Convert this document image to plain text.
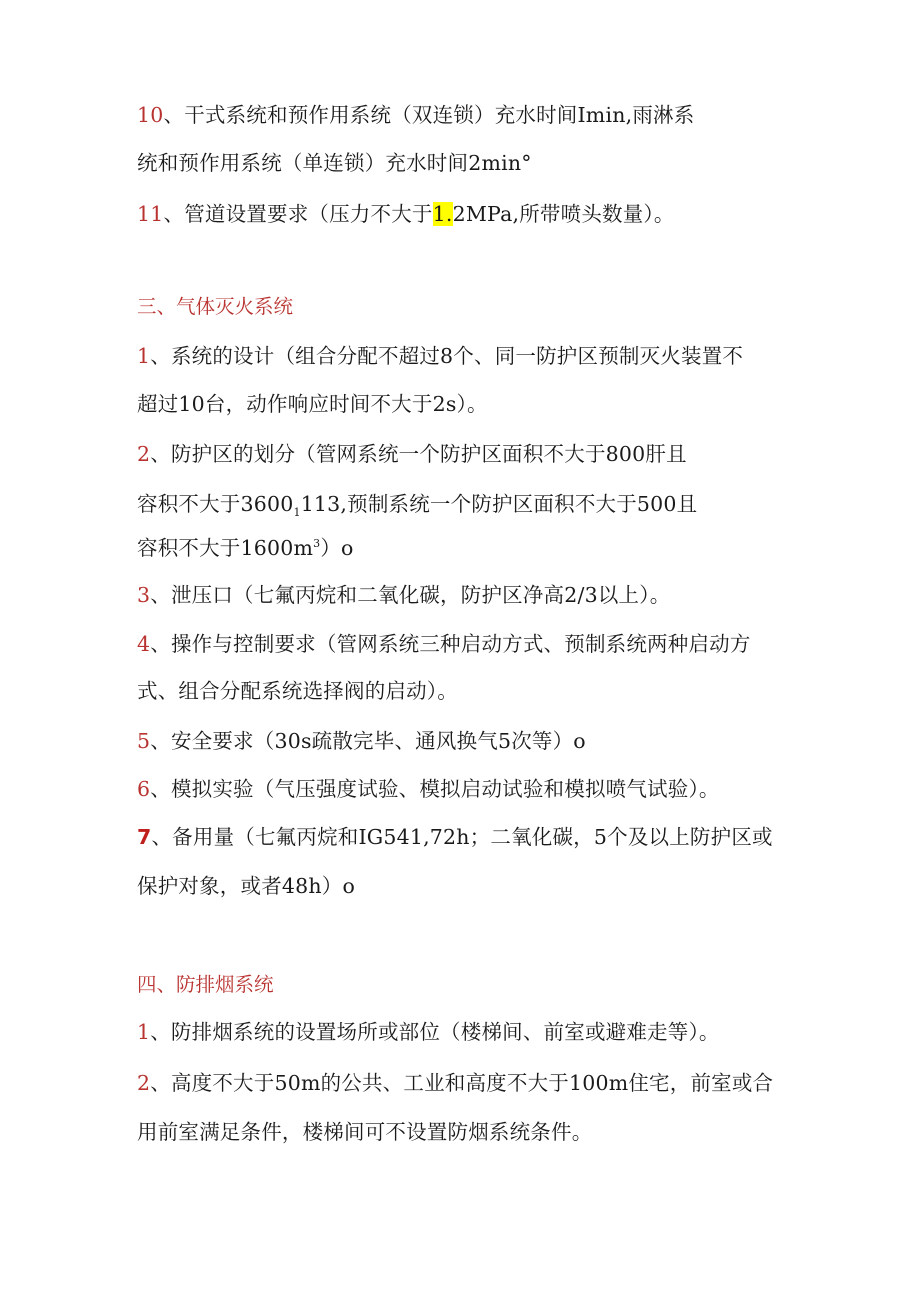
10、干式系统和预作用系统（双连锁）充水时间Imin,雨淋系
统和预作用系统（单连锁）充水时间2min°
11、管道设置要求（压力不大于1.2MPa,所带喷头数量）。
三、气体灭火系统
1、系统的设计（组合分配不超过8个、同一防护区预制灭火装置不
超过10台，动作响应时间不大于2s）。
2、防护区的划分（管网系统一个防护区面积不大于800肝且
容积不大于$3600_1113$,预制系统一个防护区面积不大于500且
容积不大于$1600m^3)o$
3、泄压口（七氟丙烷和二氧化碳，防护区净高2/3以上）。
4、操作与控制要求（管网系统三种启动方式、预制系统两种启动方
式、组合分配系统选择阀的启动）。
5、安全要求（30s疏散完毕、通风换气5次等）o
6、模拟实验（气压强度试验、模拟启动试验和模拟喷气试验）。
7、备用量（七氟丙烷和IG541,72h；二氧化碳，5个及以上防护区或
保护对象，或者48h）o
四、防排烟系统
1、防排烟系统的设置场所或部位（楼梯间、前室或避难走等）。
2、高度不大于50m的公共、工业和高度不大于100m住宅，前室或合
用前室满足条件，楼梯间可不设置防烟系统条件。
